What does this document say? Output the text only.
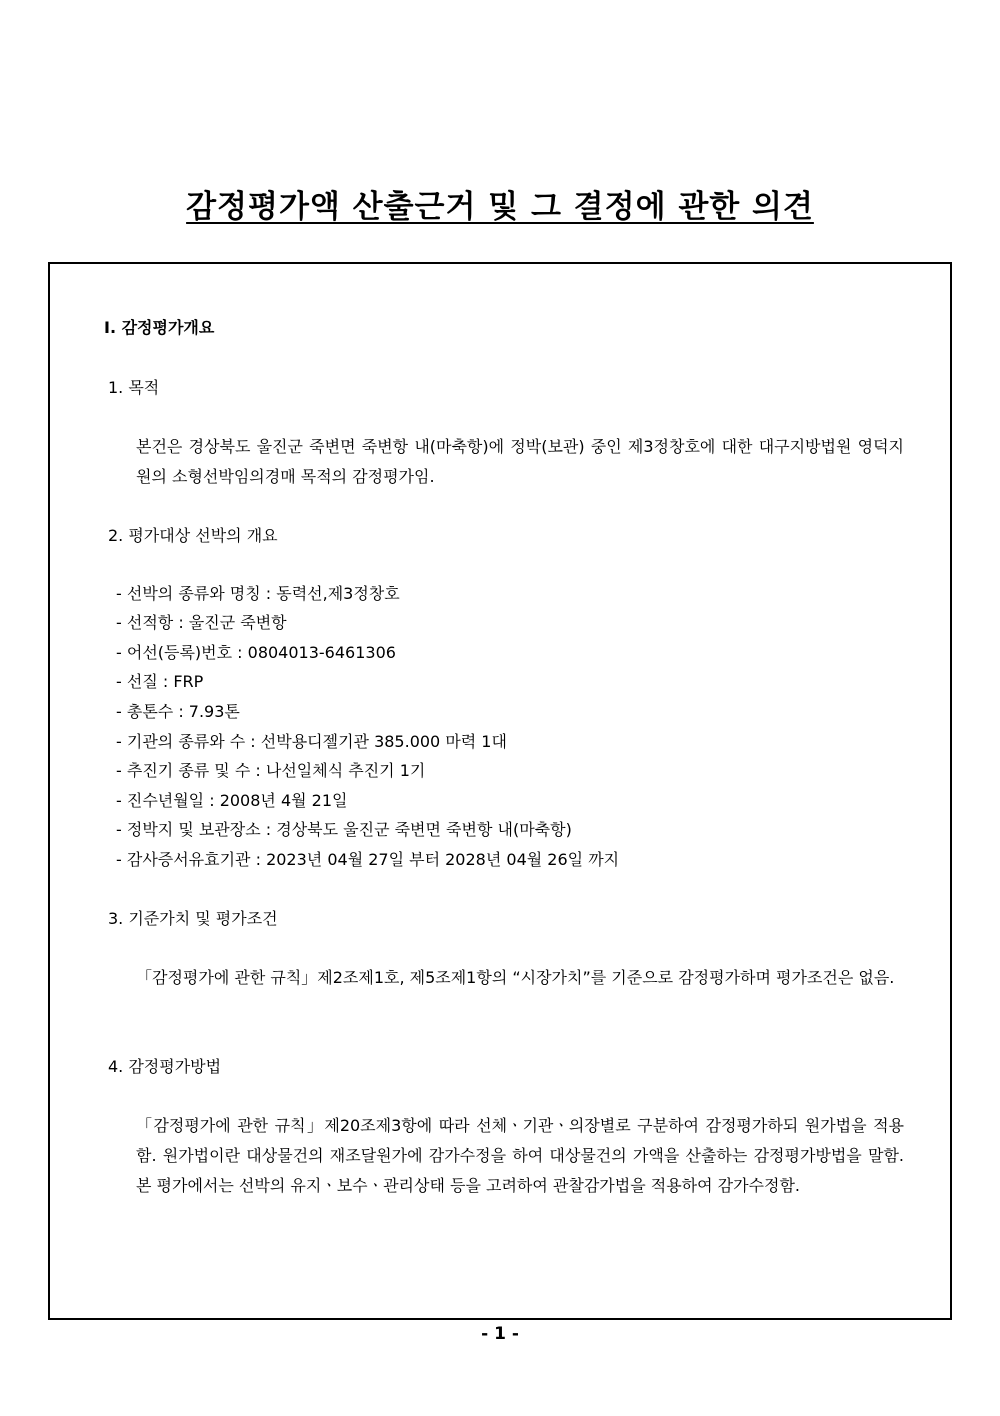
감정평가액 산출근거 및 그 결정에 관한 의견
Ⅰ. 감정평가개요
1. 목적
본건은 경상북도 울진군 죽변면 죽변항 내(마축항)에 정박(보관) 중인 제3정창호에 대한 대구지방법원 영덕지원의 소형선박임의경매 목적의 감정평가임.
2. 평가대상 선박의 개요
- 선박의 종류와 명칭 : 동력선,제3정창호
- 선적항 : 울진군 죽변항
- 어선(등록)번호 : 0804013-6461306
- 선질 : FRP
- 총톤수 : 7.93톤
- 기관의 종류와 수 : 선박용디젤기관 385.000 마력 1대
- 추진기 종류 및 수 : 나선일체식 추진기 1기
- 진수년월일 : 2008년 4월 21일
- 정박지 및 보관장소 : 경상북도 울진군 죽변면 죽변항 내(마축항)
- 감사증서유효기관 : 2023년 04월 27일 부터 2028년 04월 26일 까지
3. 기준가치 및 평가조건
「감정평가에 관한 규칙」제2조제1호, 제5조제1항의 “시장가치”를 기준으로 감정평가하며 평가조건은 없음.
4. 감정평가방법
「감정평가에 관한 규칙」제20조제3항에 따라 선체ㆍ기관ㆍ의장별로 구분하여 감정평가하되 원가법을 적용함. 원가법이란 대상물건의 재조달원가에 감가수정을 하여 대상물건의 가액을 산출하는 감정평가방법을 말함. 본 평가에서는 선박의 유지ㆍ보수ㆍ관리상태 등을 고려하여 관찰감가법을 적용하여 감가수정함.
- 1 -
